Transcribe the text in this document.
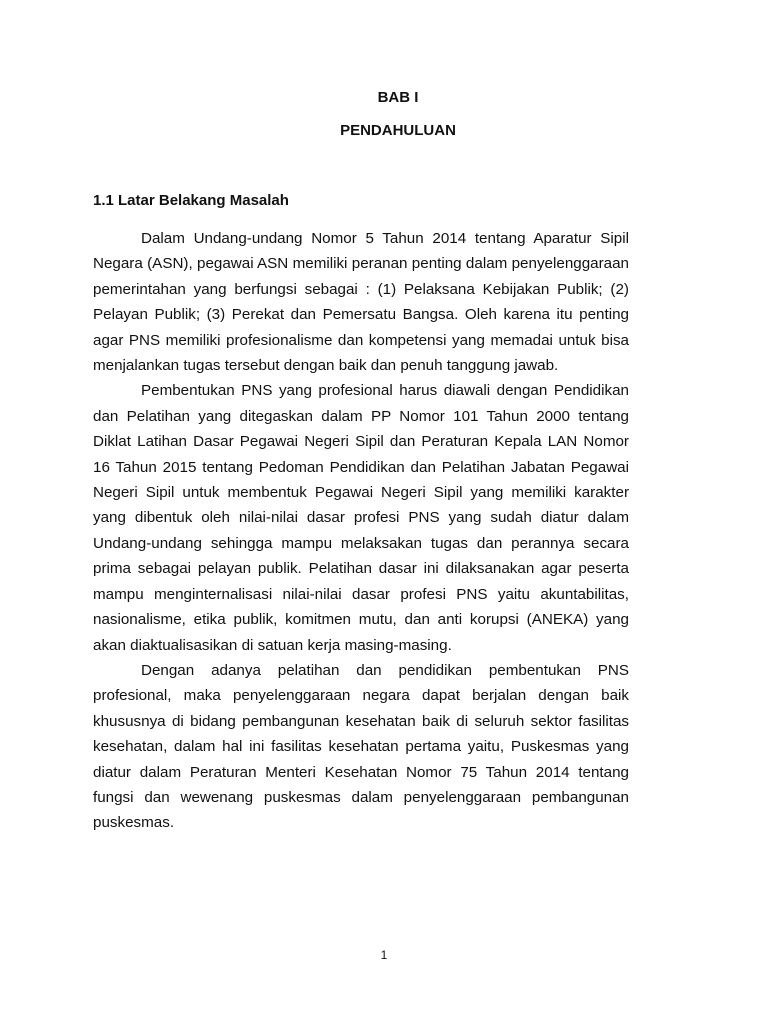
BAB I
PENDAHULUAN
1.1 Latar Belakang Masalah

Dalam Undang-undang Nomor 5 Tahun 2014 tentang Aparatur Sipil Negara (ASN), pegawai ASN memiliki peranan penting dalam penyelenggaraan pemerintahan yang berfungsi sebagai : (1) Pelaksana Kebijakan Publik; (2) Pelayan Publik; (3) Perekat dan Pemersatu Bangsa. Oleh karena itu penting agar PNS memiliki profesionalisme dan kompetensi yang memadai untuk bisa menjalankan tugas tersebut dengan baik dan penuh tanggung jawab.

Pembentukan PNS yang profesional harus diawali dengan Pendidikan dan Pelatihan yang ditegaskan dalam PP Nomor 101 Tahun 2000 tentang Diklat Latihan Dasar Pegawai Negeri Sipil dan Peraturan Kepala LAN Nomor 16 Tahun 2015 tentang Pedoman Pendidikan dan Pelatihan Jabatan Pegawai Negeri Sipil untuk membentuk Pegawai Negeri Sipil yang memiliki karakter yang dibentuk oleh nilai-nilai dasar profesi PNS yang sudah diatur dalam Undang-undang sehingga mampu melaksakan tugas dan perannya secara prima sebagai pelayan publik. Pelatihan dasar ini dilaksanakan agar peserta mampu menginternalisasi nilai-nilai dasar profesi PNS yaitu akuntabilitas, nasionalisme, etika publik, komitmen mutu, dan anti korupsi (ANEKA) yang akan diaktualisasikan di satuan kerja masing-masing.

Dengan adanya pelatihan dan pendidikan pembentukan PNS profesional, maka penyelenggaraan negara dapat berjalan dengan baik khususnya di bidang pembangunan kesehatan baik di seluruh sektor fasilitas kesehatan, dalam hal ini fasilitas kesehatan pertama yaitu, Puskesmas yang diatur dalam Peraturan Menteri Kesehatan Nomor 75 Tahun 2014 tentang fungsi dan wewenang puskesmas dalam penyelenggaraan pembangunan puskesmas.

1
